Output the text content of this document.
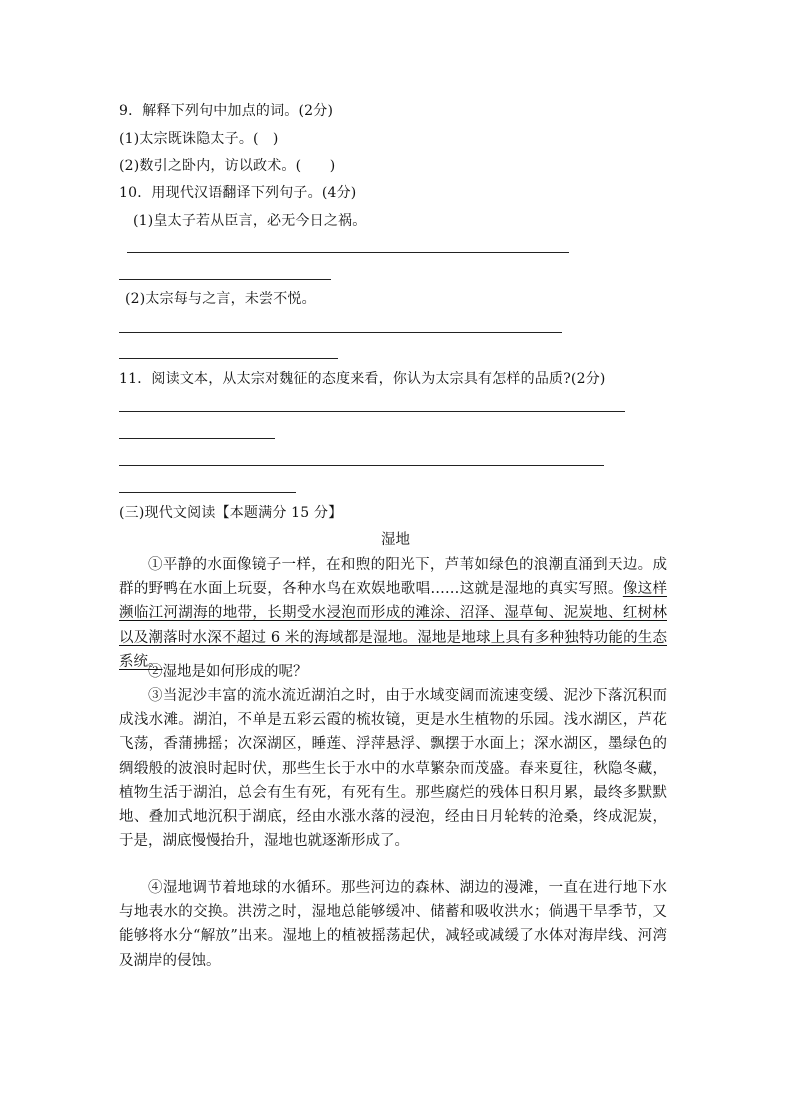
9．解释下列句中加点的词。(2分)
(1)太宗既诛隐太子。(　)
(2)数引之卧内，访以政术。(　　)
10．用现代汉语翻译下列句子。(4分)
(1)皇太子若从臣言，必无今日之祸。
(2)太宗每与之言，未尝不悦。
11．阅读文本，从太宗对魏征的态度来看，你认为太宗具有怎样的品质?(2分)
(三)现代文阅读【本题满分 15 分】
湿地

①平静的水面像镜子一样，在和煦的阳光下，芦苇如绿色的浪潮直涌到天边。成群的野鸭在水面上玩耍，各种水鸟在欢娱地歌唱……这就是湿地的真实写照。像这样濒临江河湖海的地带，长期受水浸泡而形成的滩涂、沼泽、湿草甸、泥炭地、红树林以及潮落时水深不超过 6 米的海域都是湿地。湿地是地球上具有多种独特功能的生态系统。

②湿地是如何形成的呢？

③当泥沙丰富的流水流近湖泊之时，由于水域变阔而流速变缓、泥沙下落沉积而成浅水滩。湖泊，不单是五彩云霞的梳妆镜，更是水生植物的乐园。浅水湖区，芦花飞荡，香蒲拂摇；次深湖区，睡莲、浮萍悬浮、飘摆于水面上；深水湖区，墨绿色的绸缎般的波浪时起时伏，那些生长于水中的水草繁杂而茂盛。春来夏往，秋隐冬藏，植物生活于湖泊，总会有生有死，有死有生。那些腐烂的残体日积月累，最终多默默地、叠加式地沉积于湖底，经由水涨水落的浸泡，经由日月轮转的沧桑，终成泥炭，于是，湖底慢慢抬升，湿地也就逐渐形成了。

④湿地调节着地球的水循环。那些河边的森林、湖边的漫滩，一直在进行地下水与地表水的交换。洪涝之时，湿地总能够缓冲、储蓄和吸收洪水；倘遇干旱季节，又能够将水分“解放”出来。湿地上的植被摇荡起伏，减轻或减缓了水体对海岸线、河湾及湖岸的侵蚀。
